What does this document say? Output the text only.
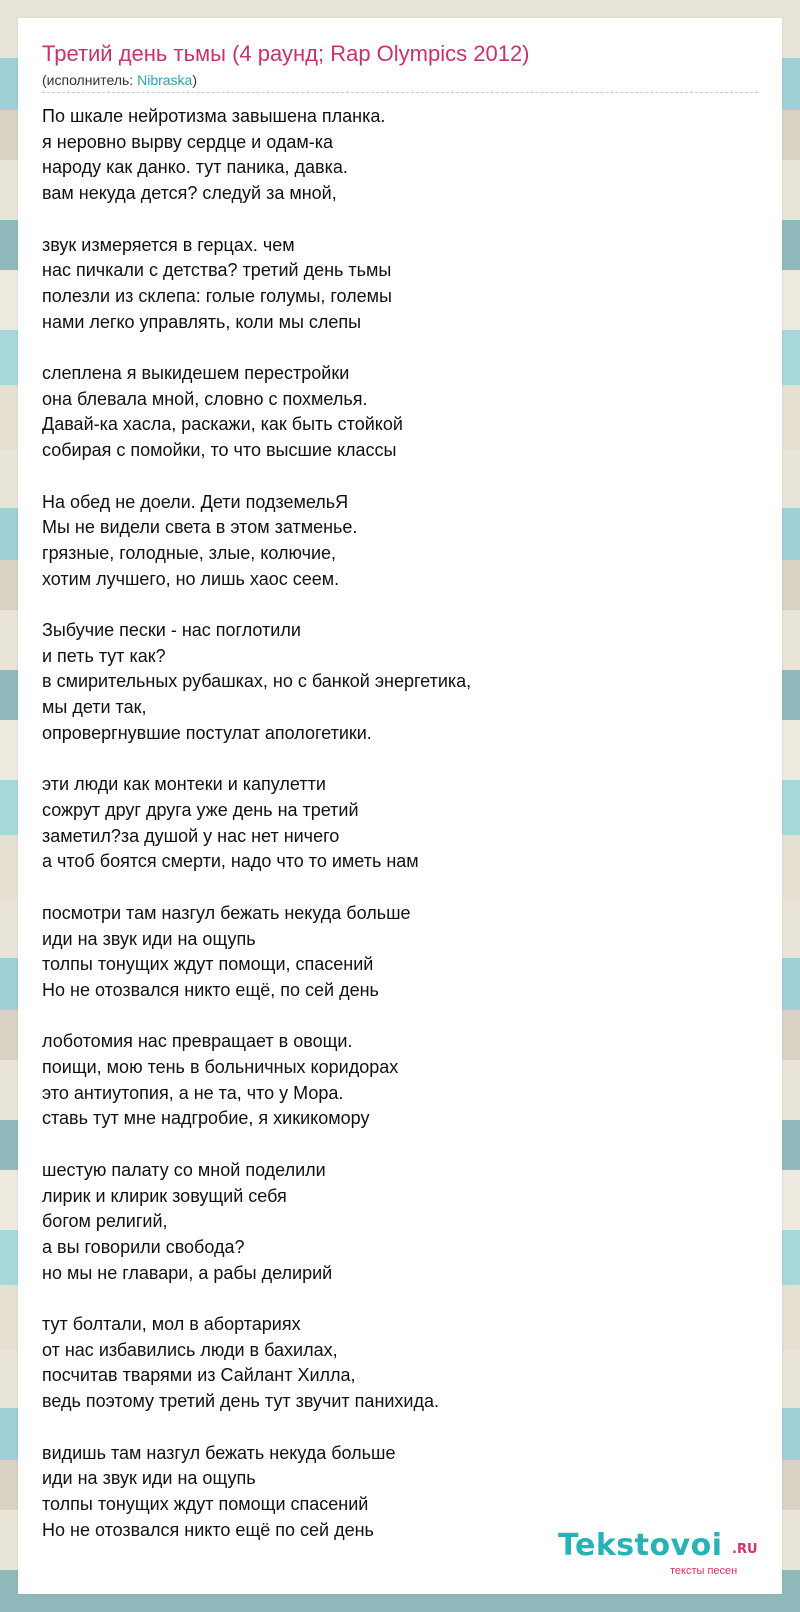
Третий день тьмы (4 раунд; Rap Olympics 2012)
(исполнитель: Nibraska)
По шкале нейротизма завышена планка.
я неровно вырву сердце и одам-ка
народу как данко. тут паника, давка.
вам некуда дется? следуй за мной,

звук измеряется в герцах. чем
нас пичкали с детства? третий день тьмы
полезли из склепа: голые голумы, големы
нами легко управлять, коли мы слепы

слеплена я выкидешем перестройки
она блевала мной, словно с похмелья.
Давай-ка хасла, раскажи, как быть стойкой
собирая с помойки, то что высшие классы

На обед не доели. Дети подземельЯ
Мы не видели света в этом затменье.
грязные, голодные, злые, колючие,
хотим лучшего, но лишь хаос сеем.

Зыбучие пески - нас поглотили
и петь тут как?
в смирительных рубашках, но с банкой энергетика,
мы дети так,
опровергнувшие постулат апологетики.

эти люди как монтеки и капулетти
сожрут друг друга уже день на третий
заметил?за душой у нас нет ничего
а чтоб боятся смерти, надо что то иметь нам

посмотри там назгул бежать некуда больше
иди на звук иди на ощупь
толпы тонущих ждут помощи, спасений
Но не отозвался никто ещё, по сей день

лоботомия нас превращает в овощи.
поищи, мою тень в больничных коридорах
это антиутопия, а не та, что у Мора.
ставь тут мне надгробие, я хикикомору

шестую палату со мной поделили
лирик и клирик зовущий себя
богом религий,
а вы говорили свобода?
но мы не главари, а рабы делирий

тут болтали, мол в абортариях
от нас избавились люди в бахилах,
посчитав тварями из Сайлант Хилла,
ведь поэтому третий день тут звучит панихида.

видишь там назгул бежать некуда больше
иди на звук иди на ощупь
толпы тонущих ждут помощи спасений
Но не отозвался никто ещё по сей день	Tekstovoi .RU
тексты песен
